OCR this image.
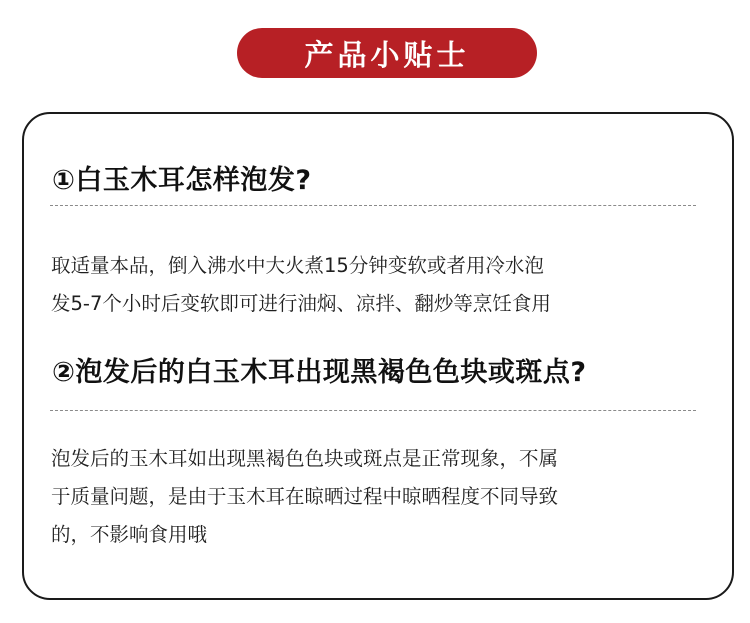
产品小贴士
①白玉木耳怎样泡发?
取适量本品，倒入沸水中大火煮15分钟变软或者用冷水泡
发5-7个小时后变软即可进行油焖、凉拌、翻炒等烹饪食用
②泡发后的白玉木耳出现黑褐色色块或斑点?
泡发后的玉木耳如出现黑褐色色块或斑点是正常现象，不属
于质量问题，是由于玉木耳在晾晒过程中晾晒程度不同导致
的，不影响食用哦
